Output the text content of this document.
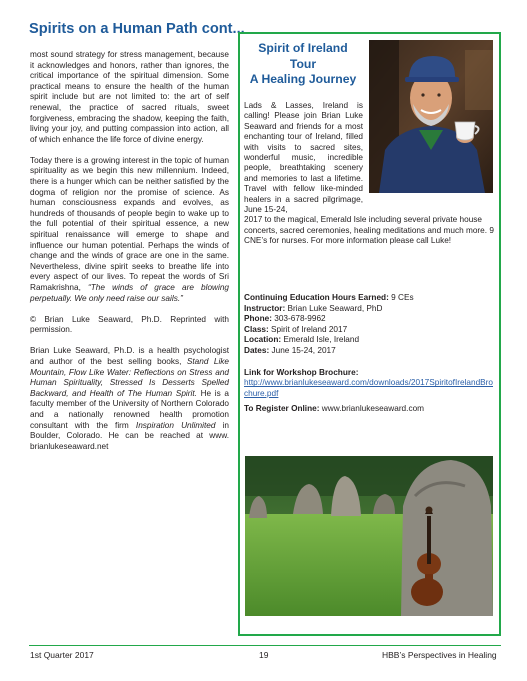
Spirits on a Human Path cont...

most sound strategy for stress management, because it acknowledges and honors, rather than ignores, the critical importance of the spiritual dimension. Some practical means to ensure the health of the human spirit include but are not limited to: the art of self renewal, the practice of sacred rituals, sweet forgiveness, embracing the shadow, keeping the faith, living your joy, and putting compassion into action, all of which enhance the life force of divine energy.

Today there is a growing interest in the topic of human spirituality as we begin this new millennium. Indeed, there is a hunger which can be neither satisfied by the dogma of religion nor the promise of science. As human consciousness expands and evolves, as hundreds of thousands of people begin to wake up to the full potential of their spiritual essence, a new spiritual renaissance will emerge to shape and influence our human potential. Perhaps the winds of change and the winds of grace are one in the same. Nevertheless, divine spirit seeks to breathe life into every aspect of our lives. To repeat the words of Sri Ramakrishna, “The winds of grace are blowing perpetually. We only need raise our sails.”

© Brian Luke Seaward, Ph.D. Reprinted with permission.

Brian Luke Seaward, Ph.D. is a health psychologist and author of the best selling books, Stand Like Mountain, Flow Like Water: Reflections on Stress and Human Spirituality, Stressed Is Desserts Spelled Backward, and Health of The Human Spirit. He is a faculty member of the University of Northern Colorado and a nationally renowned health promotion consultant with the firm Inspiration Unlimited in Boulder, Colorado. He can be reached at www. brianlukeseaward.net

Spirit of Ireland
Tour
A Healing Journey
Lads & Lasses, Ireland is calling! Please join Brian Luke Seaward and friends for a most enchanting tour of Ireland, filled with visits to sacred sites, wonderful music, incredible people, breathtaking scenery and memories to last a lifetime. Travel with fellow like-minded healers in a sacred pilgrimage, June 15-24,
2017 to the magical, Emerald Isle including several private house concerts, sacred ceremonies, healing meditations and much more. 9 CNE’s for nurses. For more information please call Luke!
Continuing Education Hours Earned: 9 CEs
Instructor: Brian Luke Seaward, PhD
Phone: 303-678-9962
Class: Spirit of Ireland 2017
Location: Emerald Isle, Ireland
Dates: June 15-24, 2017
Link for Workshop Brochure:
http://www.brianlukeseaward.com/downloads/2017SpiritofIrelandBrochure.pdf
To Register Online: www.brianlukeseaward.com
1st Quarter 2017	19	HBB’s Perspectives in Healing
